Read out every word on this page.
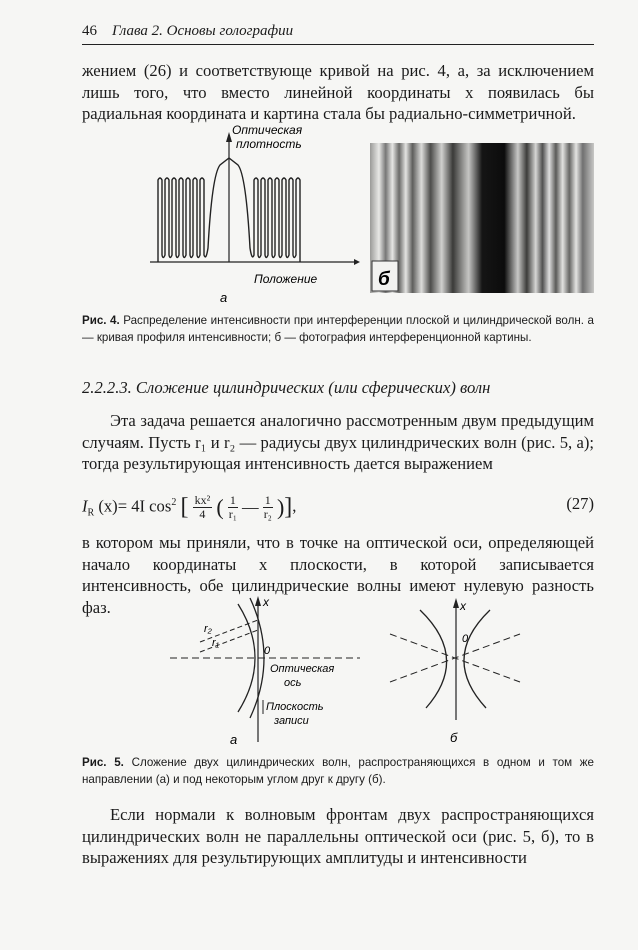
46 Глава 2. Основы голографии
жением (26) и соответствующе кривой на рис. 4, а, за исключением лишь того, что вместо линейной координаты x появилась бы радиальная координата и картина стала бы радиально-симметричной.
Оптическая
плотность
Положение
а
б
Рис. 4. Распределение интенсивности при интерференции плоской и цилиндрической волн. а — кривая профиля интенсивности; б — фотография интерференционной картины.
2.2.2.3. Сложение цилиндрических (или сферических) волн
Эта задача решается аналогично рассмотренным двум предыдущим случаям. Пусть r₁ и r₂ — радиусы двух цилиндрических волн (рис. 5, а); тогда результирующая интенсивность дается выражением
$I_R$ (x)= 4I $\cos^2$ [ $\frac{\text{kx²}}{4}$ ( $\frac{1}{\text{r₁}}$ — $\frac{1}{\text{r₂}}$ )],	(27)
в котором мы приняли, что в точке на оптической оси, определяющей начало координаты x плоскости, в которой записывается интенсивность, обе цилиндрические волны имеют нулевую разность фаз.	x
r₂
r₁
0
Оптическая
ось
Плоскость
записи
а
x
0
б
Рис. 5. Сложение двух цилиндрических волн, распространяющихся в одном и том же направлении (а) и под некоторым углом друг к другу (б).
Если нормали к волновым фронтам двух распространяющихся цилиндрических волн не параллельны оптической оси (рис. 5, б), то в выражениях для результирующих амплитуды и интенсивности
